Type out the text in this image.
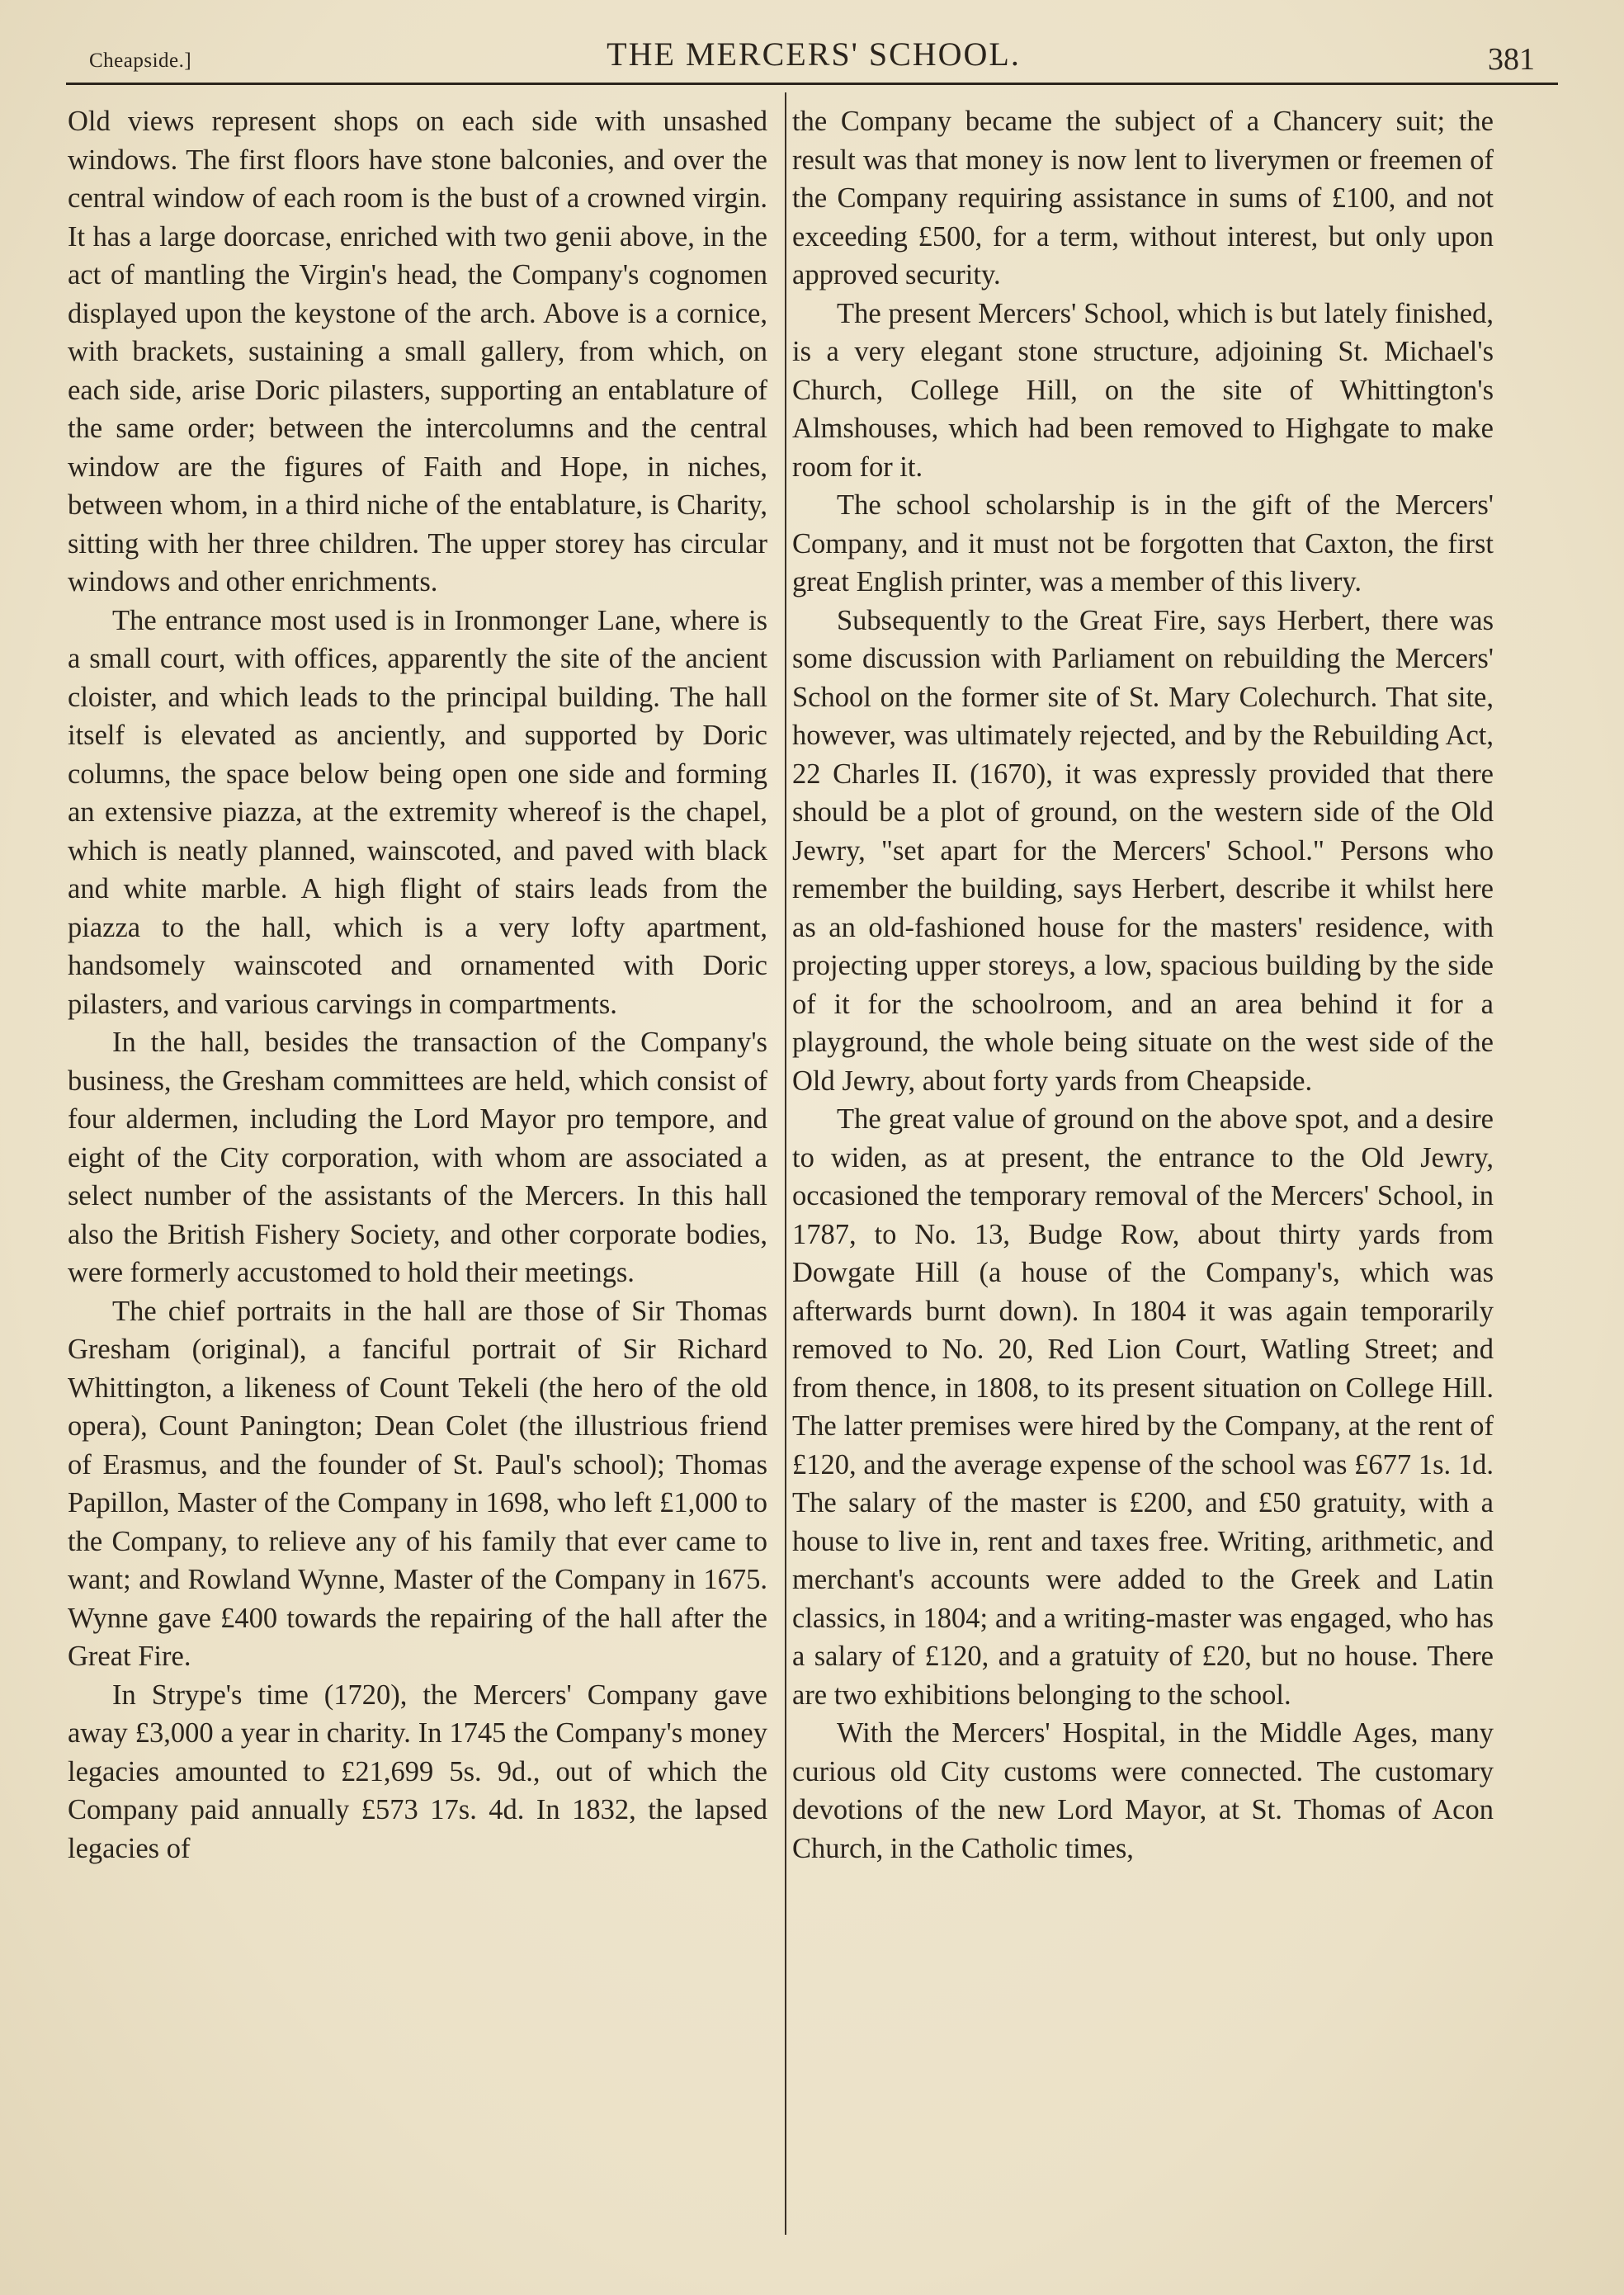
Cheapside.]	THE MERCERS' SCHOOL.	381

Old views represent shops on each side with unsashed windows. The first floors have stone balconies, and over the central window of each room is the bust of a crowned virgin. It has a large doorcase, enriched with two genii above, in the act of mantling the Virgin's head, the Company's cognomen displayed upon the keystone of the arch. Above is a cornice, with brackets, sustaining a small gallery, from which, on each side, arise Doric pilasters, supporting an entablature of the same order; between the intercolumns and the central window are the figures of Faith and Hope, in niches, between whom, in a third niche of the entablature, is Charity, sitting with her three children. The upper storey has circular windows and other enrichments.

The entrance most used is in Ironmonger Lane, where is a small court, with offices, apparently the site of the ancient cloister, and which leads to the principal building. The hall itself is elevated as anciently, and supported by Doric columns, the space below being open one side and forming an extensive piazza, at the extremity whereof is the chapel, which is neatly planned, wainscoted, and paved with black and white marble. A high flight of stairs leads from the piazza to the hall, which is a very lofty apartment, handsomely wainscoted and ornamented with Doric pilasters, and various carvings in compartments.

In the hall, besides the transaction of the Company's business, the Gresham committees are held, which consist of four aldermen, including the Lord Mayor pro tempore, and eight of the City corporation, with whom are associated a select number of the assistants of the Mercers. In this hall also the British Fishery Society, and other corporate bodies, were formerly accustomed to hold their meetings.

The chief portraits in the hall are those of Sir Thomas Gresham (original), a fanciful portrait of Sir Richard Whittington, a likeness of Count Tekeli (the hero of the old opera), Count Panington; Dean Colet (the illustrious friend of Erasmus, and the founder of St. Paul's school); Thomas Papillon, Master of the Company in 1698, who left £1,000 to the Company, to relieve any of his family that ever came to want; and Rowland Wynne, Master of the Company in 1675. Wynne gave £400 towards the repairing of the hall after the Great Fire.

In Strype's time (1720), the Mercers' Company gave away £3,000 a year in charity. In 1745 the Company's money legacies amounted to £21,699 5s. 9d., out of which the Company paid annually £573 17s. 4d. In 1832, the lapsed legacies of

the Company became the subject of a Chancery suit; the result was that money is now lent to liverymen or freemen of the Company requiring assistance in sums of £100, and not exceeding £500, for a term, without interest, but only upon approved security.

The present Mercers' School, which is but lately finished, is a very elegant stone structure, adjoining St. Michael's Church, College Hill, on the site of Whittington's Almshouses, which had been removed to Highgate to make room for it.

The school scholarship is in the gift of the Mercers' Company, and it must not be forgotten that Caxton, the first great English printer, was a member of this livery.

Subsequently to the Great Fire, says Herbert, there was some discussion with Parliament on rebuilding the Mercers' School on the former site of St. Mary Colechurch. That site, however, was ultimately rejected, and by the Rebuilding Act, 22 Charles II. (1670), it was expressly provided that there should be a plot of ground, on the western side of the Old Jewry, "set apart for the Mercers' School." Persons who remember the building, says Herbert, describe it whilst here as an old-fashioned house for the masters' residence, with projecting upper storeys, a low, spacious building by the side of it for the schoolroom, and an area behind it for a playground, the whole being situate on the west side of the Old Jewry, about forty yards from Cheapside.

The great value of ground on the above spot, and a desire to widen, as at present, the entrance to the Old Jewry, occasioned the temporary removal of the Mercers' School, in 1787, to No. 13, Budge Row, about thirty yards from Dowgate Hill (a house of the Company's, which was afterwards burnt down). In 1804 it was again temporarily removed to No. 20, Red Lion Court, Watling Street; and from thence, in 1808, to its present situation on College Hill. The latter premises were hired by the Company, at the rent of £120, and the average expense of the school was £677 1s. 1d. The salary of the master is £200, and £50 gratuity, with a house to live in, rent and taxes free. Writing, arithmetic, and merchant's accounts were added to the Greek and Latin classics, in 1804; and a writing-master was engaged, who has a salary of £120, and a gratuity of £20, but no house. There are two exhibitions belonging to the school.

With the Mercers' Hospital, in the Middle Ages, many curious old City customs were connected. The customary devotions of the new Lord Mayor, at St. Thomas of Acon Church, in the Catholic times,
